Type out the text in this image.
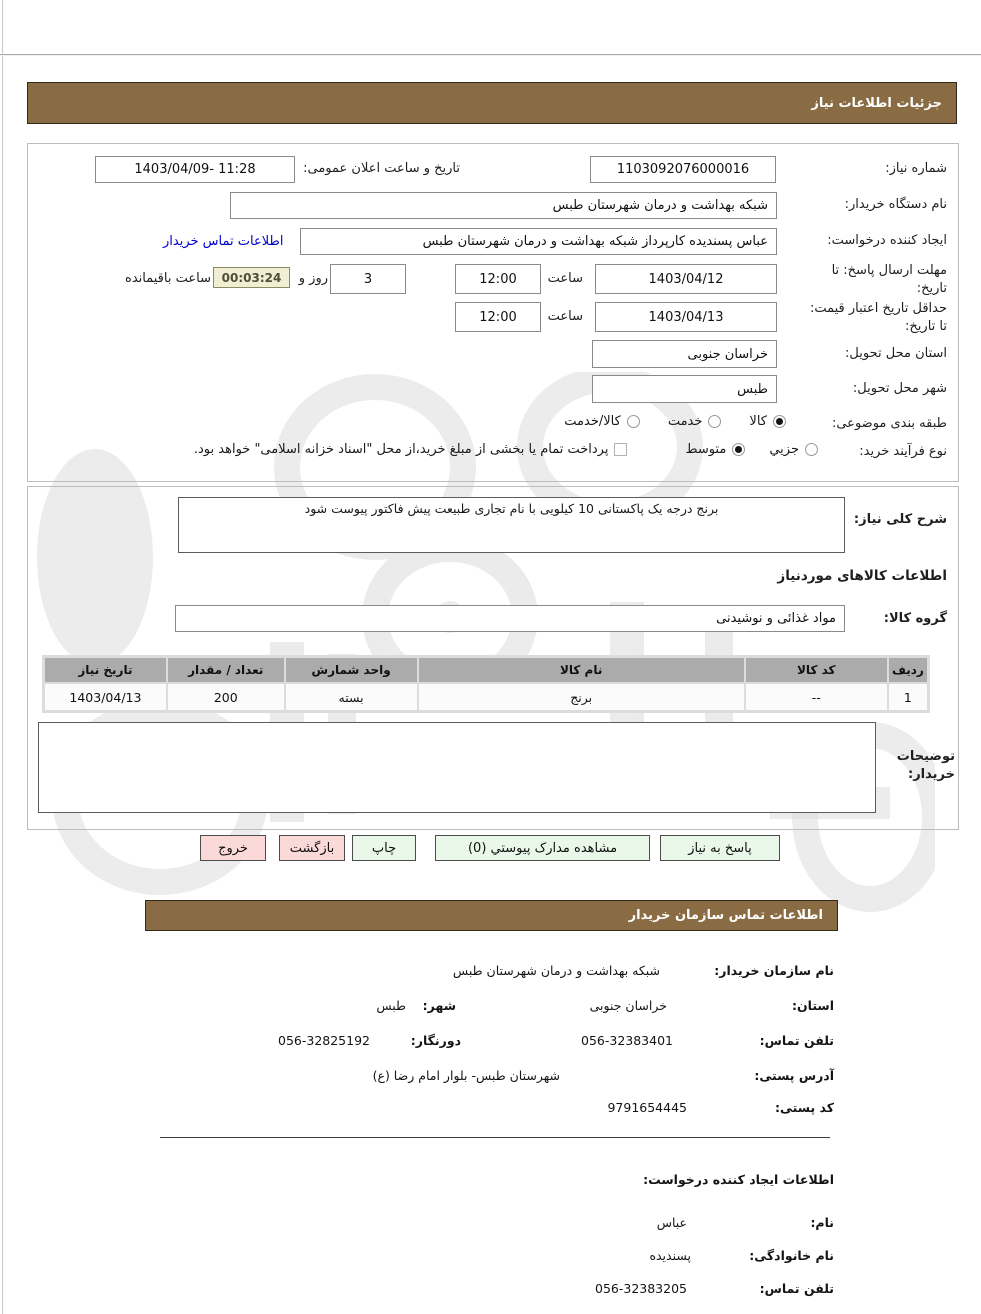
جزئیات اطلاعات نیاز
شماره نیاز:
1103092076000016
تاریخ و ساعت اعلان عمومی:
1403/04/09- 11:28
نام دستگاه خریدار:
شبکه بهداشت و درمان شهرستان طبس
ایجاد کننده درخواست:
عباس پسندیده کارپرداز شبکه بهداشت و درمان شهرستان طبس
اطلاعات تماس خریدار
مهلت ارسال پاسخ: تا تاریخ:
1403/04/12
ساعت
12:00
3
روز و
00:03:24
ساعت باقیمانده
حداقل تاریخ اعتبار قیمت: تا تاریخ:
1403/04/13
ساعت
12:00
استان محل تحویل:
خراسان جنوبی
شهر محل تحویل:
طبس
طبقه بندی موضوعی:
کالا
خدمت
کالا/خدمت
نوع فرآیند خرید:
جزیي
متوسط
پرداخت تمام یا بخشی از مبلغ خرید،از محل "اسناد خزانه اسلامی" خواهد بود.
شرح کلی نیاز:
برنج درجه یک پاکستانی 10 کیلویی با نام تجاری طبیعت پیش فاکتور پیوست شود
اطلاعات کالاهای موردنیاز
گروه کالا:
مواد غذائی و نوشیدنی
ردیف	کد کالا	نام کالا	واحد شمارش	تعداد / مقدار	تاریخ نیاز
1	--	برنج	بسته	200	1403/04/13
توضیحات خریدار:
پاسخ به نیاز
مشاهده مدارک پیوستي (0)
چاپ
بازگشت
خروج
اطلاعات تماس سازمان خریدار
نام سازمان خریدار:
شبکه بهداشت و درمان شهرستان طبس
استان:
خراسان جنوبی
شهر:
طبس
تلفن تماس:
056-32383401
دورنگار:
056-32825192
آدرس پستی:
شهرستان طبس- بلوار امام رضا (ع)
کد پستی:
9791654445
اطلاعات ایجاد کننده درخواست:
نام:
عباس
نام خانوادگی:
پسندیده
تلفن تماس:
056-32383205
